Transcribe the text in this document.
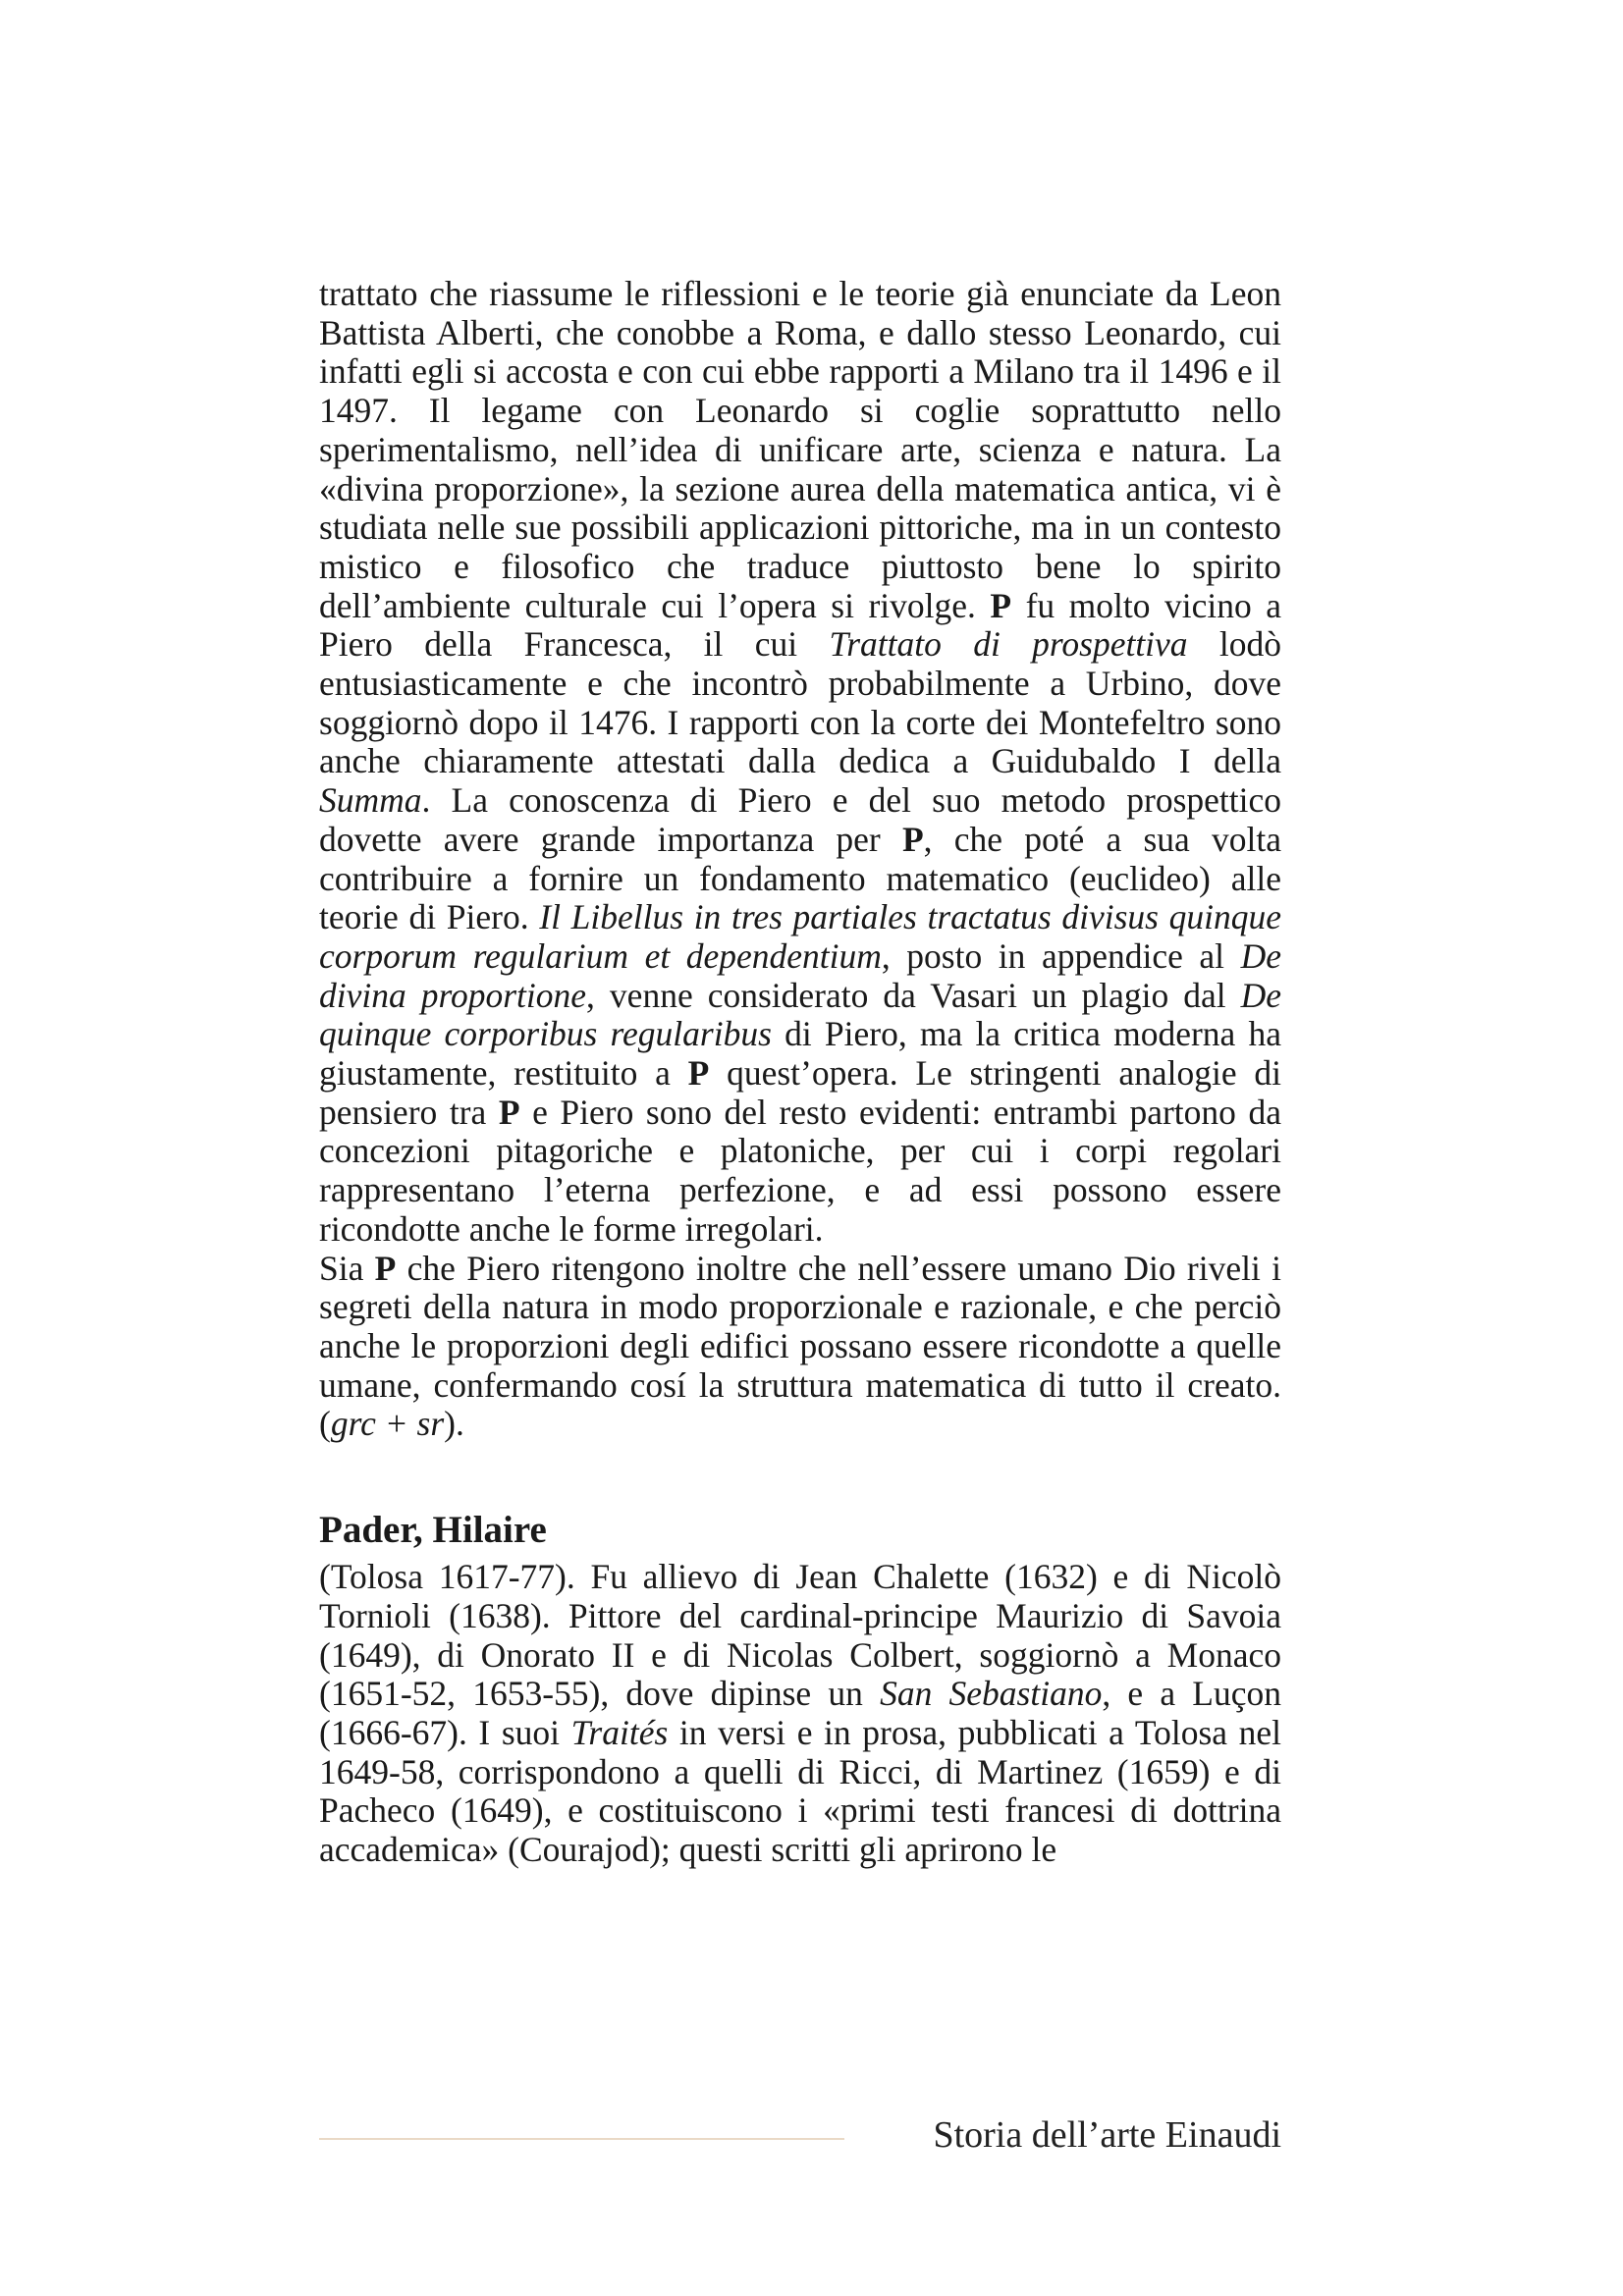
trattato che riassume le riflessioni e le teorie già enunciate da Leon Battista Alberti, che conobbe a Roma, e dallo stesso Leonardo, cui infatti egli si accosta e con cui ebbe rapporti a Milano tra il 1496 e il 1497. Il legame con Leonardo si coglie soprattutto nello sperimentalismo, nell’idea di unificare arte, scienza e natura. La «divina proporzione», la sezione aurea della matematica antica, vi è studiata nelle sue possibili applicazioni pittoriche, ma in un contesto mistico e filosofico che traduce piuttosto bene lo spirito dell’ambiente culturale cui l’opera si rivolge. P fu molto vicino a Piero della Francesca, il cui Trattato di prospettiva lodò entusiasticamente e che incontrò probabilmente a Urbino, dove soggiornò dopo il 1476. I rapporti con la corte dei Montefeltro sono anche chiaramente attestati dalla dedica a Guidubaldo I della Summa. La conoscenza di Piero e del suo metodo prospettico dovette avere grande importanza per P, che poté a sua volta contribuire a fornire un fondamento matematico (euclideo) alle teorie di Piero. Il Libellus in tres partiales tractatus divisus quinque corporum regularium et dependentium, posto in appendice al De divina proportione, venne considerato da Vasari un plagio dal De quinque corporibus regularibus di Piero, ma la critica moderna ha giustamente, restituito a P quest’opera. Le stringenti analogie di pensiero tra P e Piero sono del resto evidenti: entrambi partono da concezioni pitagoriche e platoniche, per cui i corpi regolari rappresentano l’eterna perfezione, e ad essi possono essere ricondotte anche le forme irregolari.

Sia P che Piero ritengono inoltre che nell’essere umano Dio riveli i segreti della natura in modo proporzionale e razionale, e che perciò anche le proporzioni degli edifici possano essere ricondotte a quelle umane, confermando cosí la struttura matematica di tutto il creato. (grc + sr).

Pader, Hilaire

(Tolosa 1617-77). Fu allievo di Jean Chalette (1632) e di Nicolò Tornioli (1638). Pittore del cardinal-principe Maurizio di Savoia (1649), di Onorato II e di Nicolas Colbert, soggiornò a Monaco (1651-52, 1653-55), dove dipinse un San Sebastiano, e a Luçon (1666-67). I suoi Traités in versi e in prosa, pubblicati a Tolosa nel 1649-58, corrispondono a quelli di Ricci, di Martinez (1659) e di Pacheco (1649), e costituiscono i «primi testi francesi di dottrina accademica» (Courajod); questi scritti gli aprirono le

Storia dell’arte Einaudi
